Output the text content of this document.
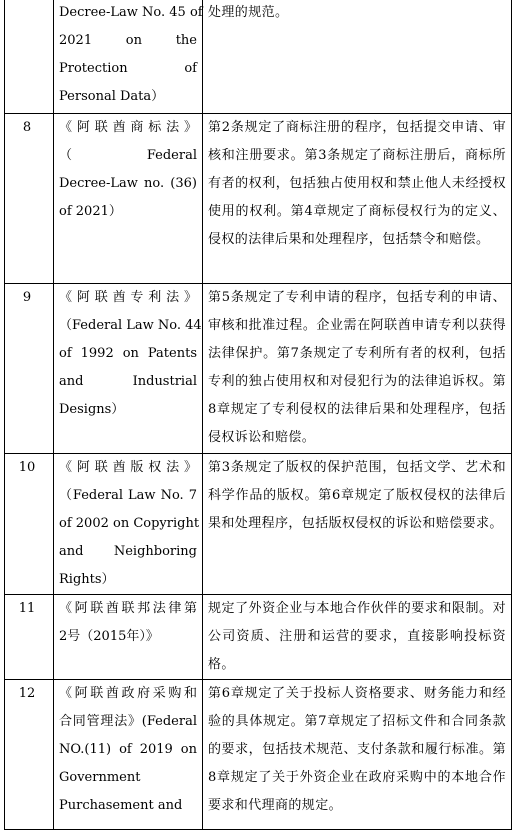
	Decree-Law No. 45 of
2021 on the
Protection of
Personal Data）	处理的规范。
8	《阿联酋商标法》
（ Federal
Decree-Law no. (36)
of 2021）	第2条规定了商标注册的程序，包括提交申请、审核和注册要求。第3条规定了商标注册后，商标所有者的权利，包括独占使用权和禁止他人未经授权使用的权利。第4章规定了商标侵权行为的定义、侵权的法律后果和处理程序，包括禁令和赔偿。
9	《阿联酋专利法》
（Federal Law No. 44
of 1992 on Patents
and Industrial
Designs）	第5条规定了专利申请的程序，包括专利的申请、审核和批准过程。企业需在阿联酋申请专利以获得法律保护。第7条规定了专利所有者的权利，包括专利的独占使用权和对侵犯行为的法律追诉权。第8章规定了专利侵权的法律后果和处理程序，包括侵权诉讼和赔偿。
10	《阿联酋版权法》
（Federal Law No. 7
of 2002 on Copyright
and Neighboring
Rights）	第3条规定了版权的保护范围，包括文学、艺术和科学作品的版权。第6章规定了版权侵权的法律后果和处理程序，包括版权侵权的诉讼和赔偿要求。
11	《阿联酋联邦法律第
2号（2015年）》	规定了外资企业与本地合作伙伴的要求和限制。对公司资质、注册和运营的要求，直接影响投标资格。
12	《阿联酋政府采购和
合同管理法》(Federal
NO.(11) of 2019 on
Government
Purchasement and	第6章规定了关于投标人资格要求、财务能力和经验的具体规定。第7章规定了招标文件和合同条款的要求，包括技术规范、支付条款和履行标准。第8章规定了关于外资企业在政府采购中的本地合作要求和代理商的规定。
